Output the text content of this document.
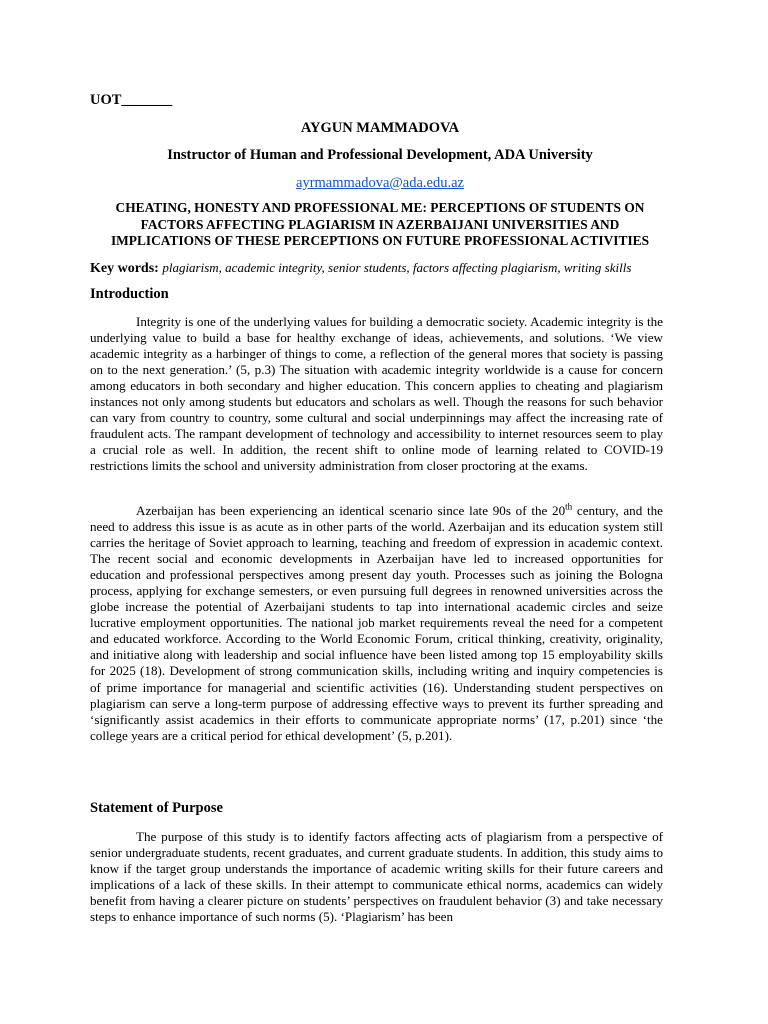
UOT_______
AYGUN MAMMADOVA
Instructor of Human and Professional Development, ADA University
ayrmammadova@ada.edu.az
CHEATING, HONESTY AND PROFESSIONAL ME: PERCEPTIONS OF STUDENTS ON FACTORS AFFECTING PLAGIARISM IN AZERBAIJANI UNIVERSITIES AND IMPLICATIONS OF THESE PERCEPTIONS ON FUTURE PROFESSIONAL ACTIVITIES
Key words: plagiarism, academic integrity, senior students, factors affecting plagiarism, writing skills
Introduction

Integrity is one of the underlying values for building a democratic society. Academic integrity is the underlying value to build a base for healthy exchange of ideas, achievements, and solutions. ‘We view academic integrity as a harbinger of things to come, a reflection of the general mores that society is passing on to the next generation.’ (5, p.3) The situation with academic integrity worldwide is a cause for concern among educators in both secondary and higher education. This concern applies to cheating and plagiarism instances not only among students but educators and scholars as well. Though the reasons for such behavior can vary from country to country, some cultural and social underpinnings may affect the increasing rate of fraudulent acts. The rampant development of technology and accessibility to internet resources seem to play a crucial role as well. In addition, the recent shift to online mode of learning related to COVID-19 restrictions limits the school and university administration from closer proctoring at the exams.

Azerbaijan has been experiencing an identical scenario since late 90s of the 20th century, and the need to address this issue is as acute as in other parts of the world. Azerbaijan and its education system still carries the heritage of Soviet approach to learning, teaching and freedom of expression in academic context. The recent social and economic developments in Azerbaijan have led to increased opportunities for education and professional perspectives among present day youth. Processes such as joining the Bologna process, applying for exchange semesters, or even pursuing full degrees in renowned universities across the globe increase the potential of Azerbaijani students to tap into international academic circles and seize lucrative employment opportunities. The national job market requirements reveal the need for a competent and educated workforce. According to the World Economic Forum, critical thinking, creativity, originality, and initiative along with leadership and social influence have been listed among top 15 employability skills for 2025 (18). Development of strong communication skills, including writing and inquiry competencies is of prime importance for managerial and scientific activities (16). Understanding student perspectives on plagiarism can serve a long-term purpose of addressing effective ways to prevent its further spreading and ‘significantly assist academics in their efforts to communicate appropriate norms’ (17, p.201) since ‘the college years are a critical period for ethical development’ (5, p.201).

Statement of Purpose

The purpose of this study is to identify factors affecting acts of plagiarism from a perspective of senior undergraduate students, recent graduates, and current graduate students. In addition, this study aims to know if the target group understands the importance of academic writing skills for their future careers and implications of a lack of these skills. In their attempt to communicate ethical norms, academics can widely benefit from having a clearer picture on students’ perspectives on fraudulent behavior (3) and take necessary steps to enhance importance of such norms (5). ‘Plagiarism’ has been
